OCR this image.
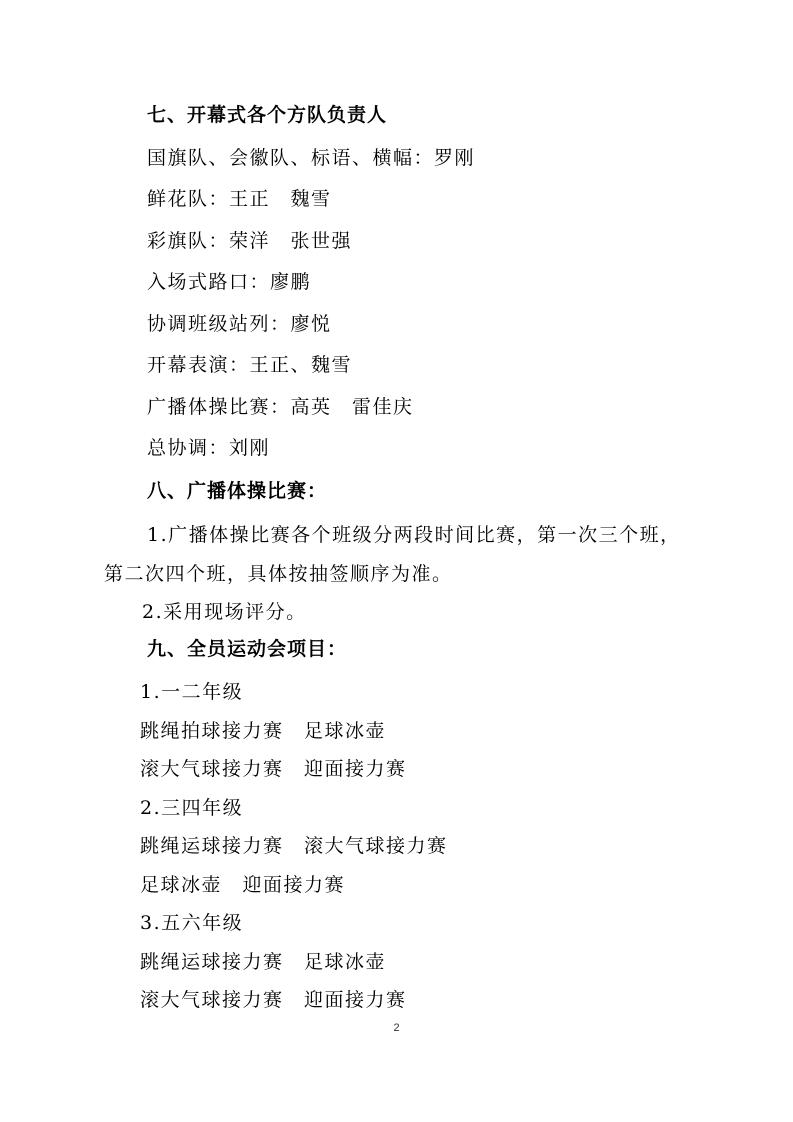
七、开幕式各个方队负责人
国旗队、会徽队、标语、横幅：罗刚
鲜花队：王正　魏雪
彩旗队：荣洋　张世强
入场式路口：廖鹏
协调班级站列：廖悦
开幕表演：王正、魏雪
广播体操比赛：高英　雷佳庆
总协调：刘刚
八、广播体操比赛：
1.广播体操比赛各个班级分两段时间比赛，第一次三个班，
第二次四个班，具体按抽签顺序为准。
2.采用现场评分。
九、全员运动会项目：
1.一二年级
跳绳拍球接力赛　足球冰壶
滚大气球接力赛　迎面接力赛
2.三四年级
跳绳运球接力赛　滚大气球接力赛
足球冰壶　迎面接力赛
3.五六年级
跳绳运球接力赛　足球冰壶
滚大气球接力赛　迎面接力赛
2
